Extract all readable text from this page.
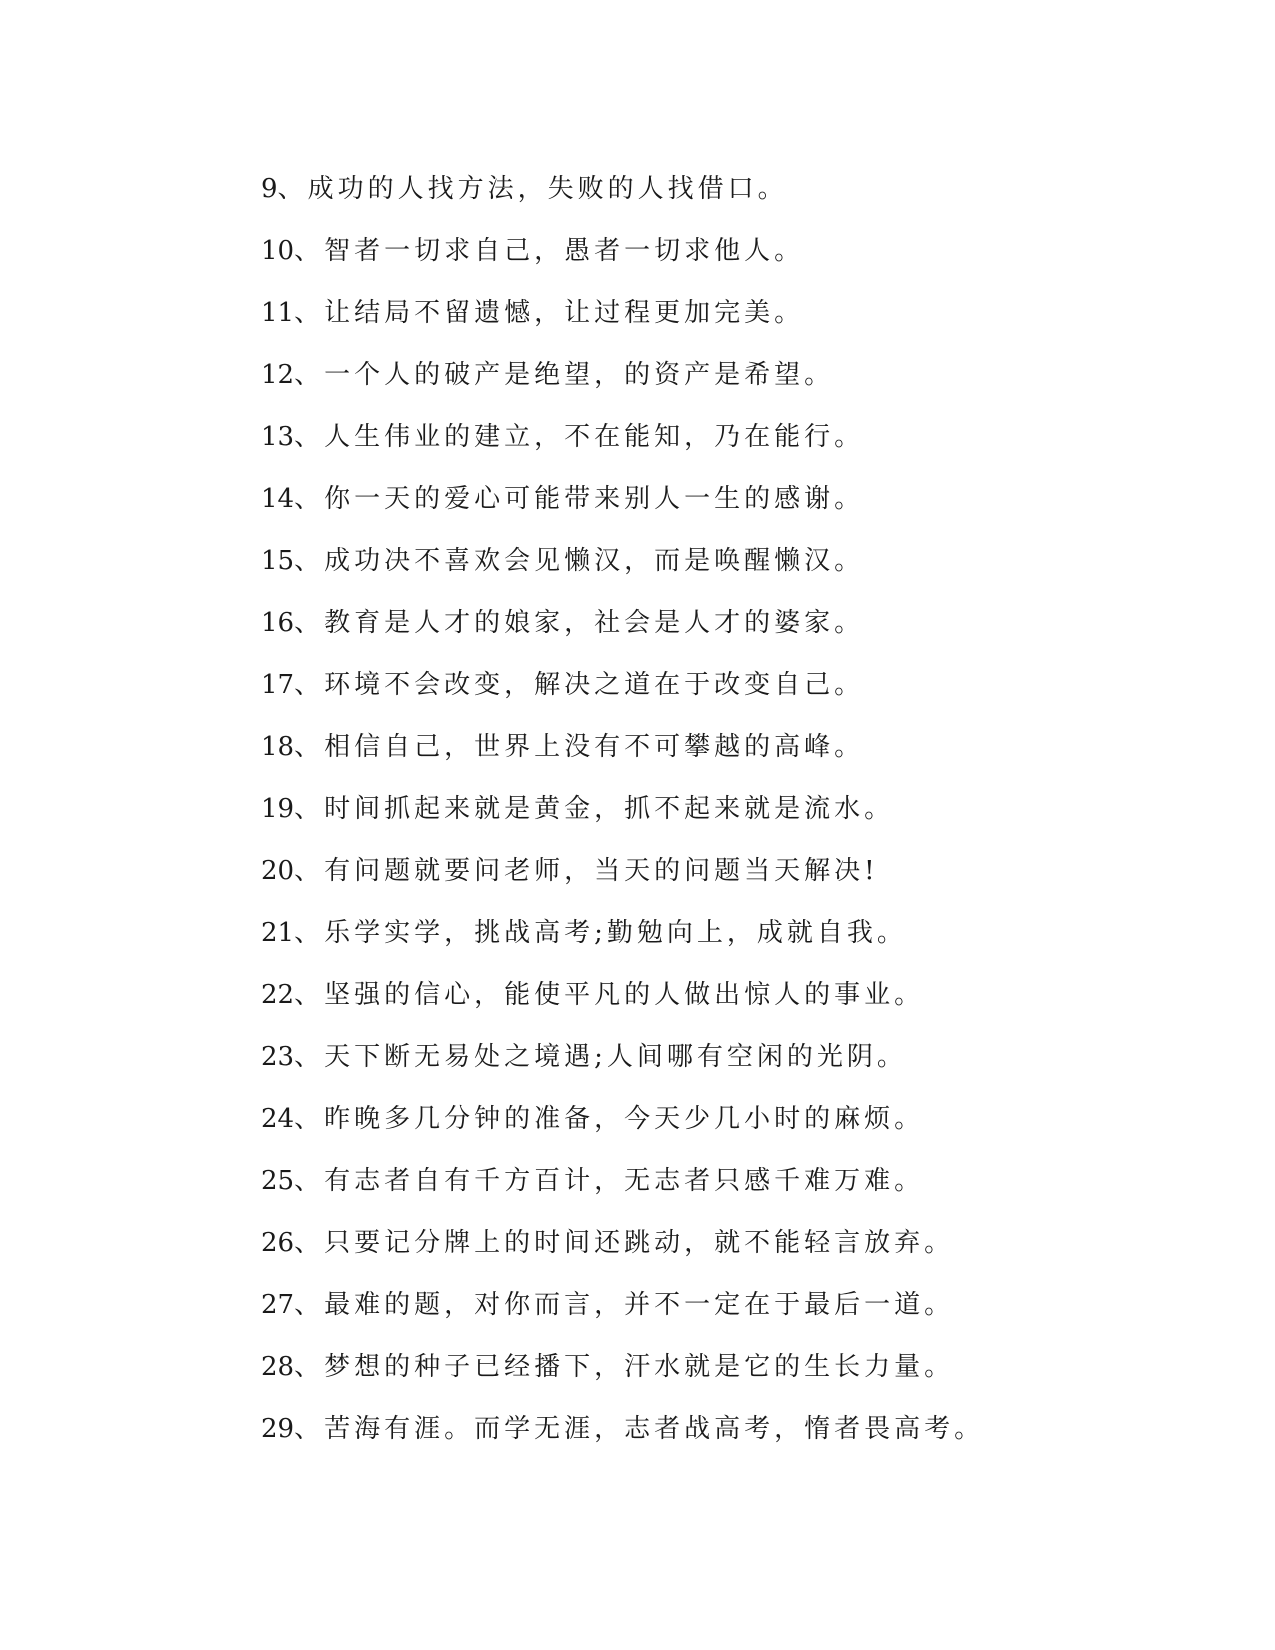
9、成功的人找方法，失败的人找借口。
10、智者一切求自己，愚者一切求他人。
11、让结局不留遗憾，让过程更加完美。
12、一个人的破产是绝望，的资产是希望。
13、人生伟业的建立，不在能知，乃在能行。
14、你一天的爱心可能带来别人一生的感谢。
15、成功决不喜欢会见懒汉，而是唤醒懒汉。
16、教育是人才的娘家，社会是人才的婆家。
17、环境不会改变，解决之道在于改变自己。
18、相信自己，世界上没有不可攀越的高峰。
19、时间抓起来就是黄金，抓不起来就是流水。
20、有问题就要问老师，当天的问题当天解决!
21、乐学实学，挑战高考;勤勉向上，成就自我。
22、坚强的信心，能使平凡的人做出惊人的事业。
23、天下断无易处之境遇;人间哪有空闲的光阴。
24、昨晚多几分钟的准备，今天少几小时的麻烦。
25、有志者自有千方百计，无志者只感千难万难。
26、只要记分牌上的时间还跳动，就不能轻言放弃。
27、最难的题，对你而言，并不一定在于最后一道。
28、梦想的种子已经播下，汗水就是它的生长力量。
29、苦海有涯。而学无涯，志者战高考，惰者畏高考。
